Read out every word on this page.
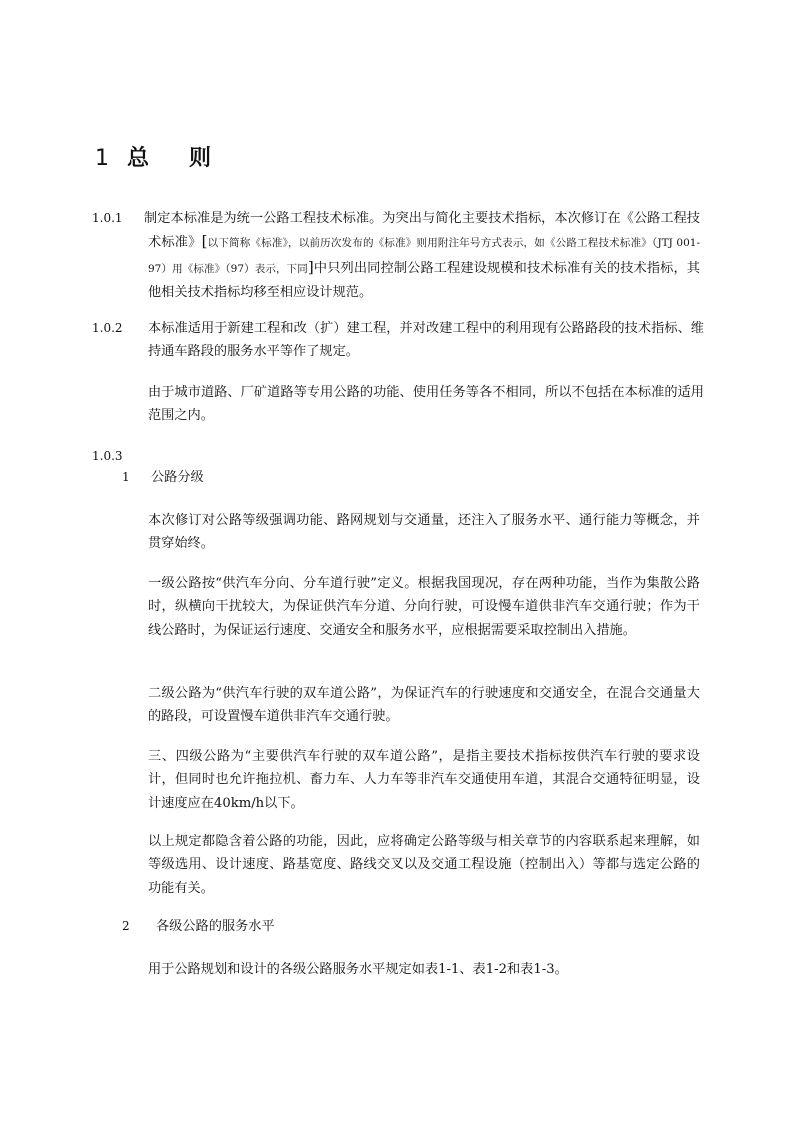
1 总则
1.0.1 制定本标准是为统一公路工程技术标准。为突出与简化主要技术指标，本次修订在《公路工程技术标准》[以下简称《标准》，以前历次发布的《标准》则用附注年号方式表示，如《公路工程技术标准》（JTJ 001-97）用《标准》（97）表示，下同]中只列出同控制公路工程建设规模和技术标准有关的技术指标，其他相关技术指标均移至相应设计规范。
1.0.2 本标准适用于新建工程和改（扩）建工程，并对改建工程中的利用现有公路路段的技术指标、维持通车路段的服务水平等作了规定。
由于城市道路、厂矿道路等专用公路的功能、使用任务等各不相同，所以不包括在本标准的适用范围之内。
1.0.3
1 公路分级
本次修订对公路等级强调功能、路网规划与交通量，还注入了服务水平、通行能力等概念，并贯穿始终。
一级公路按“供汽车分向、分车道行驶”定义。根据我国现况，存在两种功能，当作为集散公路时，纵横向干扰较大，为保证供汽车分道、分向行驶，可设慢车道供非汽车交通行驶；作为干线公路时，为保证运行速度、交通安全和服务水平，应根据需要采取控制出入措施。
二级公路为“供汽车行驶的双车道公路”，为保证汽车的行驶速度和交通安全，在混合交通量大的路段，可设置慢车道供非汽车交通行驶。
三、四级公路为“主要供汽车行驶的双车道公路”，是指主要技术指标按供汽车行驶的要求设计，但同时也允许拖拉机、畜力车、人力车等非汽车交通使用车道，其混合交通特征明显，设计速度应在40km/h以下。
以上规定都隐含着公路的功能，因此，应将确定公路等级与相关章节的内容联系起来理解，如等级选用、设计速度、路基宽度、路线交叉以及交通工程设施（控制出入）等都与选定公路的功能有关。
2 各级公路的服务水平
用于公路规划和设计的各级公路服务水平规定如表1-1、表1-2和表1-3。
